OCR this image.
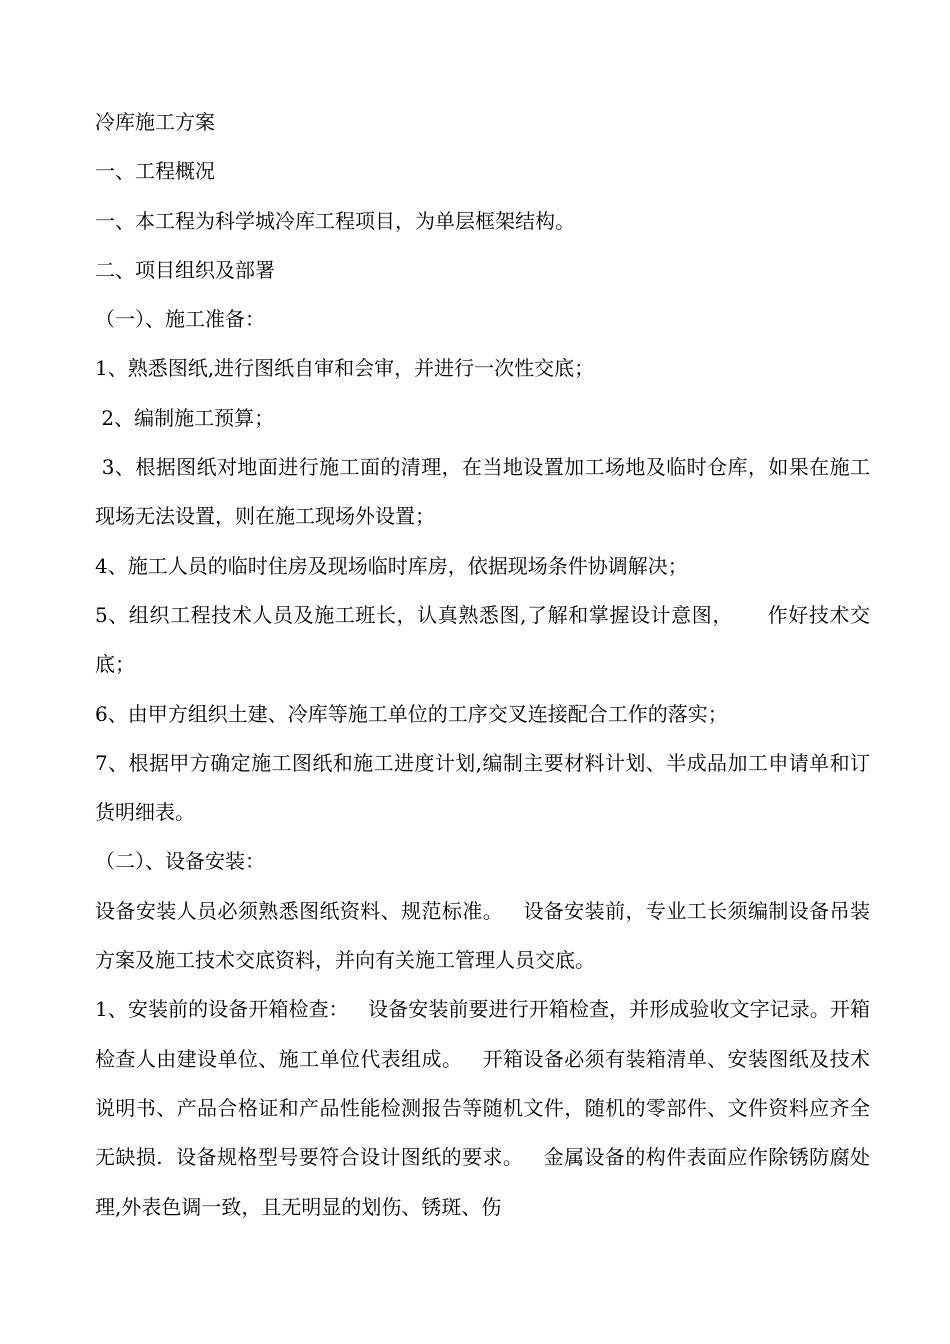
冷库施工方案

一、工程概况

一、本工程为科学城冷库工程项目，为单层框架结构。

二、项目组织及部署

（一）、施工准备：

1、熟悉图纸,进行图纸自审和会审，并进行一次性交底；

2、编制施工预算；

3、根据图纸对地面进行施工面的清理，在当地设置加工场地及临时仓库，如果在施工现场无法设置，则在施工现场外设置；

4、施工人员的临时住房及现场临时库房，依据现场条件协调解决；

5、组织工程技术人员及施工班长，认真熟悉图,了解和掌握设计意图，     作好技术交底；

6、由甲方组织土建、冷库等施工单位的工序交叉连接配合工作的落实；

7、根据甲方确定施工图纸和施工进度计划,编制主要材料计划、半成品加工申请单和订货明细表。

（二）、设备安装：

设备安装人员必须熟悉图纸资料、规范标准。   设备安装前，专业工长须编制设备吊装方案及施工技术交底资料，并向有关施工管理人员交底。

1、安装前的设备开箱检查：   设备安装前要进行开箱检查，并形成验收文字记录。开箱检查人由建设单位、施工单位代表组成。   开箱设备必须有装箱清单、安装图纸及技术说明书、产品合格证和产品性能检测报告等随机文件，随机的零部件、文件资料应齐全无缺损.  设备规格型号要符合设计图纸的要求。   金属设备的构件表面应作除锈防腐处理,外表色调一致，且无明显的划伤、锈斑、伤
